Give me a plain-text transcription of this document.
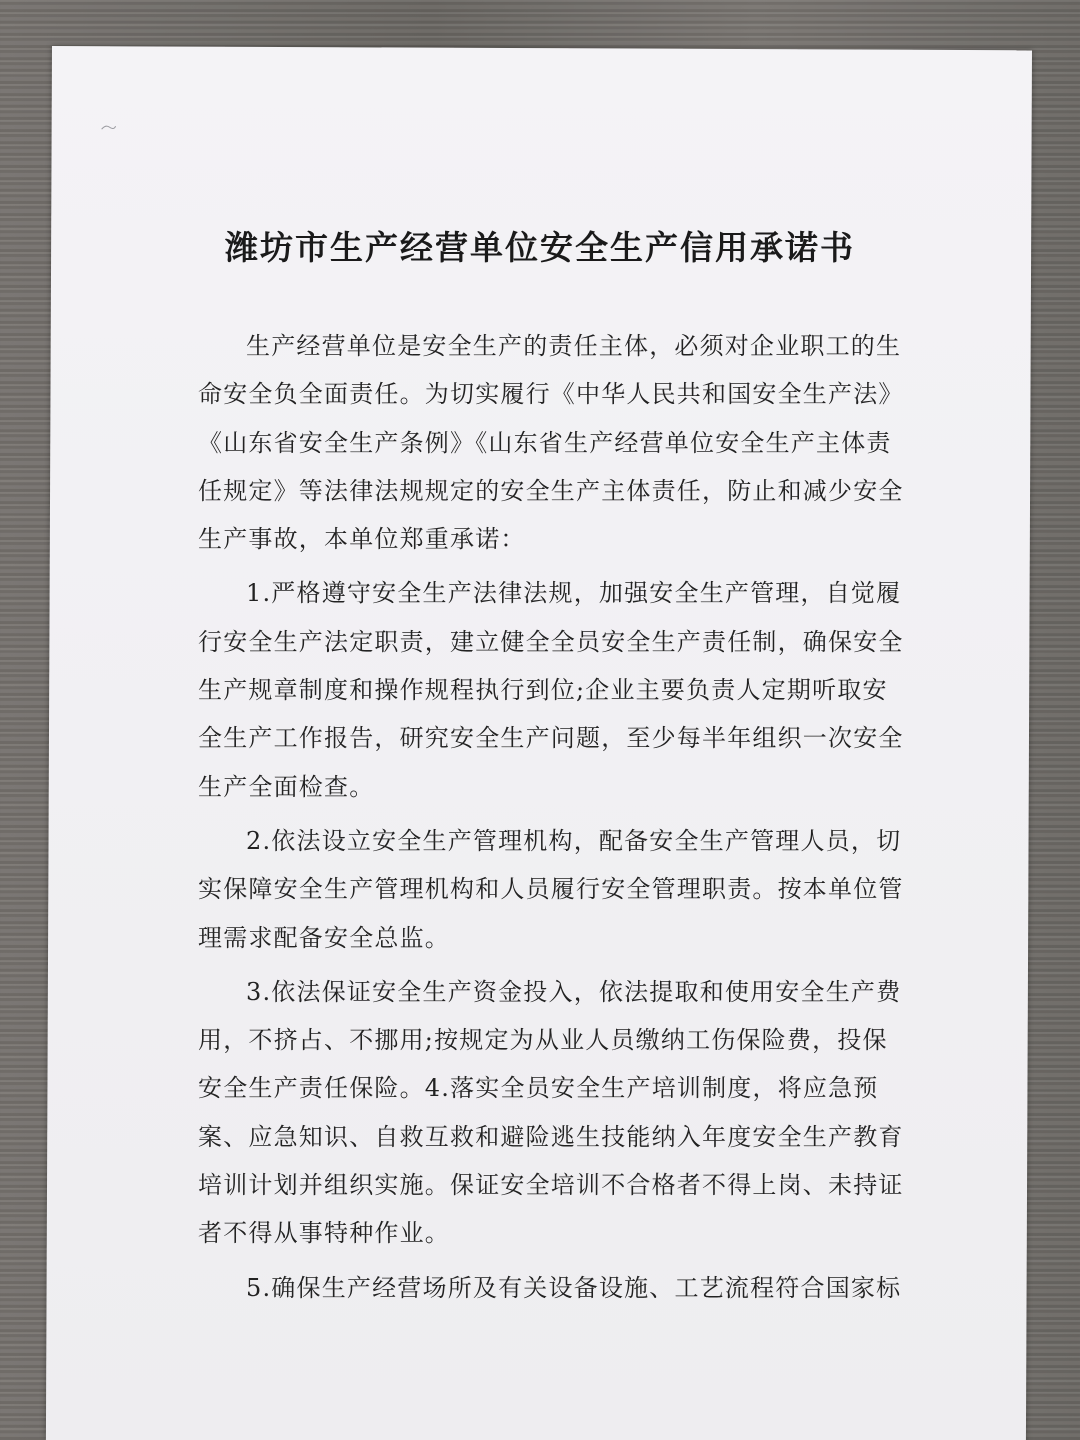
潍坊市生产经营单位安全生产信用承诺书

生产经营单位是安全生产的责任主体，必须对企业职工的生命安全负全面责任。为切实履行《中华人民共和国安全生产法》《山东省安全生产条例》《山东省生产经营单位安全生产主体责任规定》等法律法规规定的安全生产主体责任，防止和减少安全生产事故，本单位郑重承诺：

1.严格遵守安全生产法律法规，加强安全生产管理，自觉履行安全生产法定职责，建立健全全员安全生产责任制，确保安全生产规章制度和操作规程执行到位;企业主要负责人定期听取安全生产工作报告，研究安全生产问题，至少每半年组织一次安全生产全面检查。

2.依法设立安全生产管理机构，配备安全生产管理人员，切实保障安全生产管理机构和人员履行安全管理职责。按本单位管理需求配备安全总监。

3.依法保证安全生产资金投入，依法提取和使用安全生产费用，不挤占、不挪用;按规定为从业人员缴纳工伤保险费，投保安全生产责任保险。4.落实全员安全生产培训制度，将应急预案、应急知识、自救互救和避险逃生技能纳入年度安全生产教育培训计划并组织实施。保证安全培训不合格者不得上岗、未持证者不得从事特种作业。

5.确保生产经营场所及有关设备设施、工艺流程符合国家标
